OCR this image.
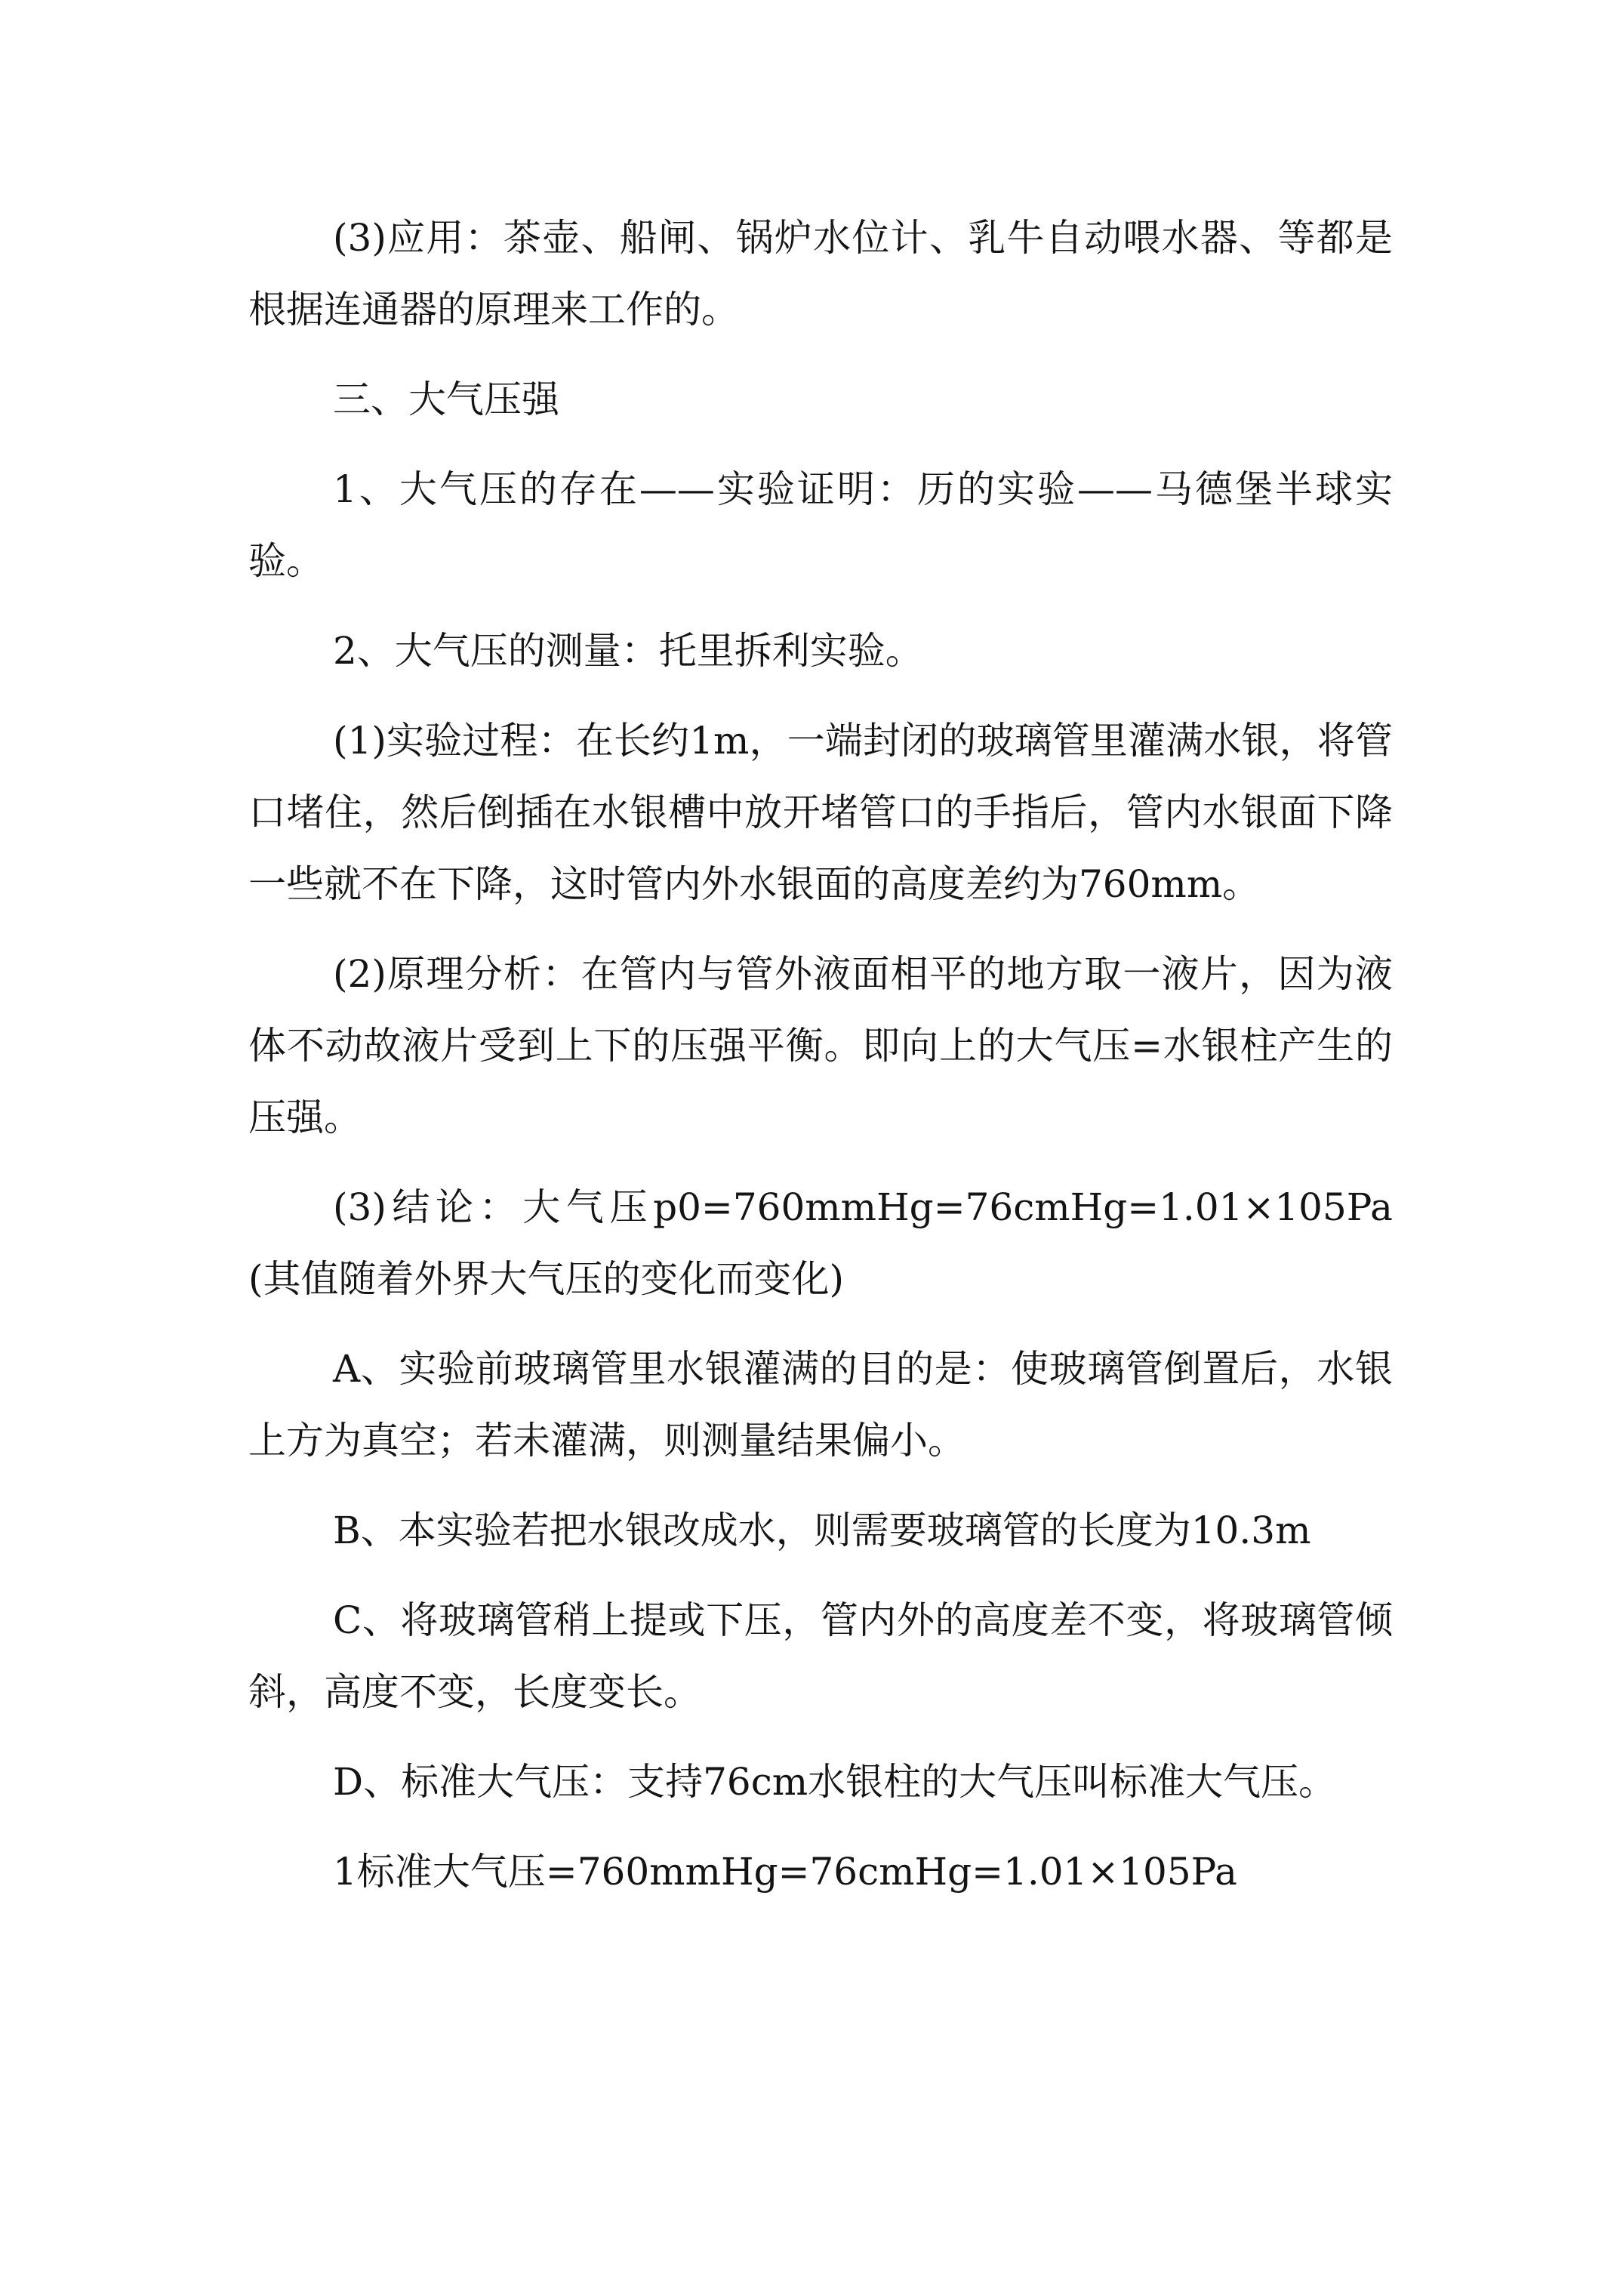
(3)应用：茶壶、船闸、锅炉水位计、乳牛自动喂水器、等都是根据连通器的原理来工作的。

三、大气压强

1、大气压的存在——实验证明：历的实验——马德堡半球实验。

2、大气压的测量：托里拆利实验。

(1)实验过程：在长约1m，一端封闭的玻璃管里灌满水银，将管口堵住，然后倒插在水银槽中放开堵管口的手指后，管内水银面下降一些就不在下降，这时管内外水银面的高度差约为760mm。

(2)原理分析：在管内与管外液面相平的地方取一液片，因为液体不动故液片受到上下的压强平衡。即向上的大气压=水银柱产生的压强。

(3)结论：大气压p0=760mmHg=76cmHg=1.01×105Pa(其值随着外界大气压的变化而变化)

A、实验前玻璃管里水银灌满的目的是：使玻璃管倒置后，水银上方为真空；若未灌满，则测量结果偏小。

B、本实验若把水银改成水，则需要玻璃管的长度为10.3m

C、将玻璃管稍上提或下压，管内外的高度差不变，将玻璃管倾斜，高度不变，长度变长。

D、标准大气压：支持76cm水银柱的大气压叫标准大气压。

1标准大气压=760mmHg=76cmHg=1.01×105Pa
